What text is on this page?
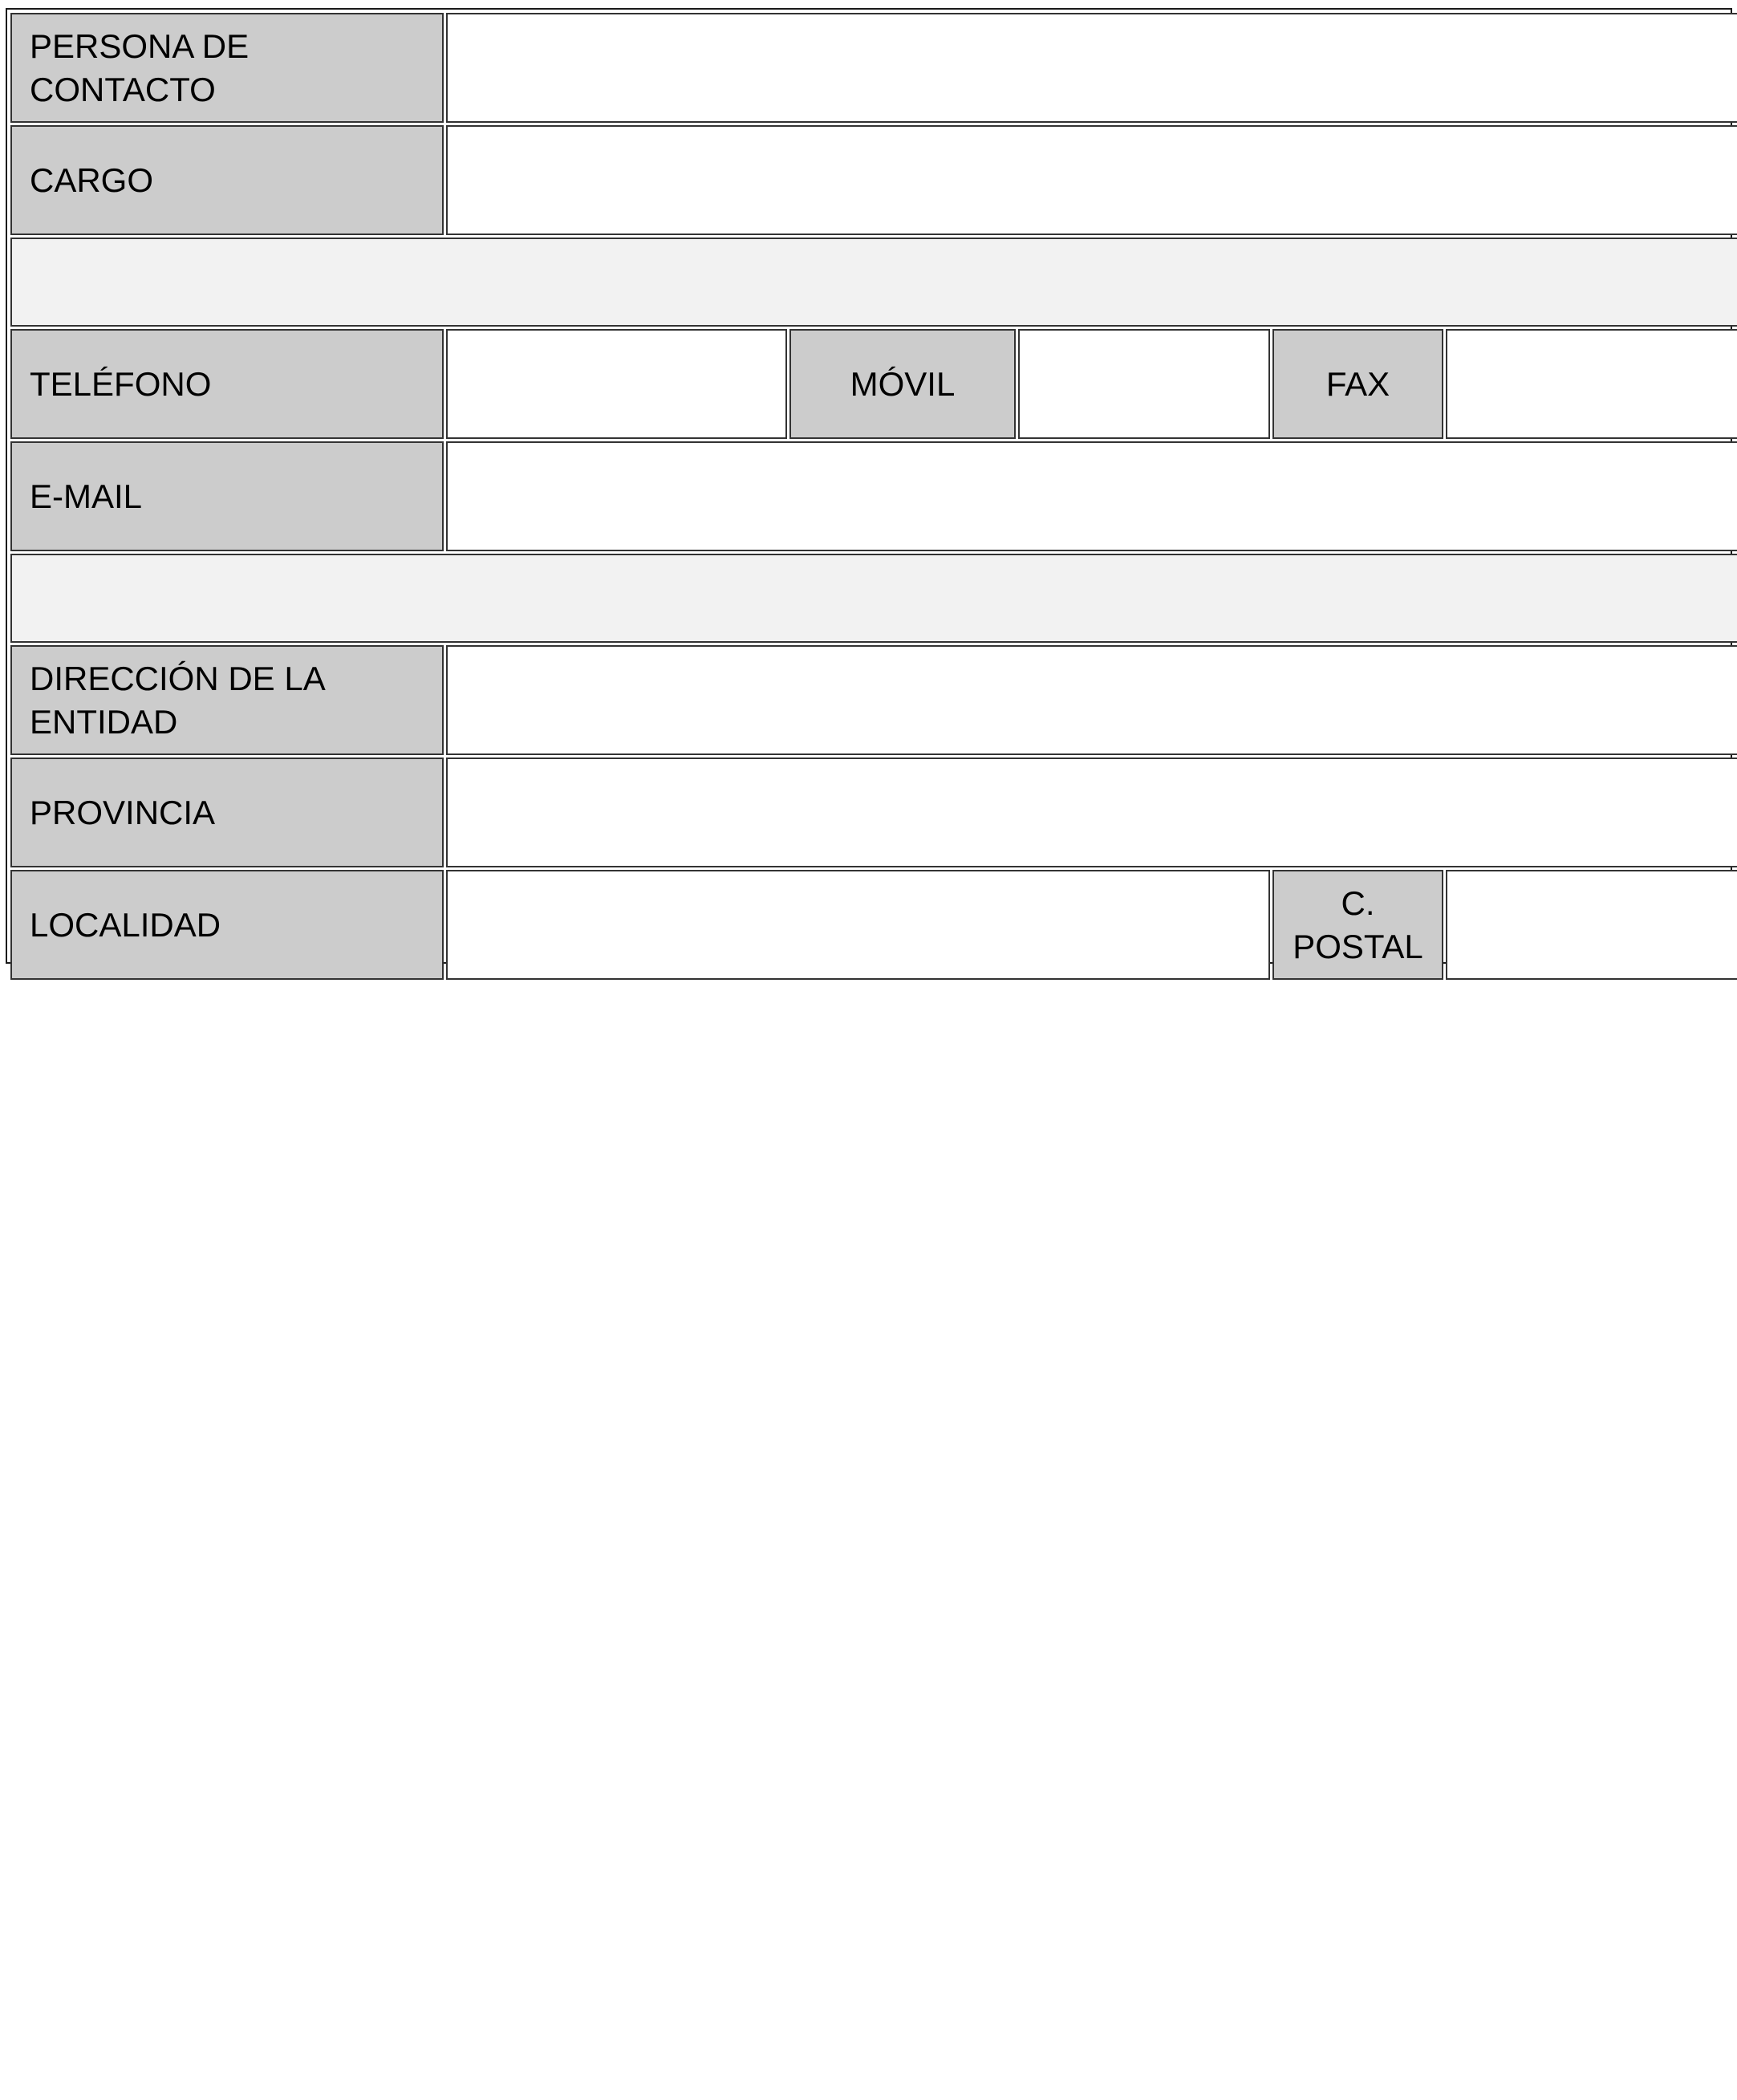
PERSONA DE CONTACTO
CARGO
TELÉFONO	MÓVIL	FAX
E-MAIL
DIRECCIÓN DE LA ENTIDAD
PROVINCIA
LOCALIDAD
C. POSTAL
